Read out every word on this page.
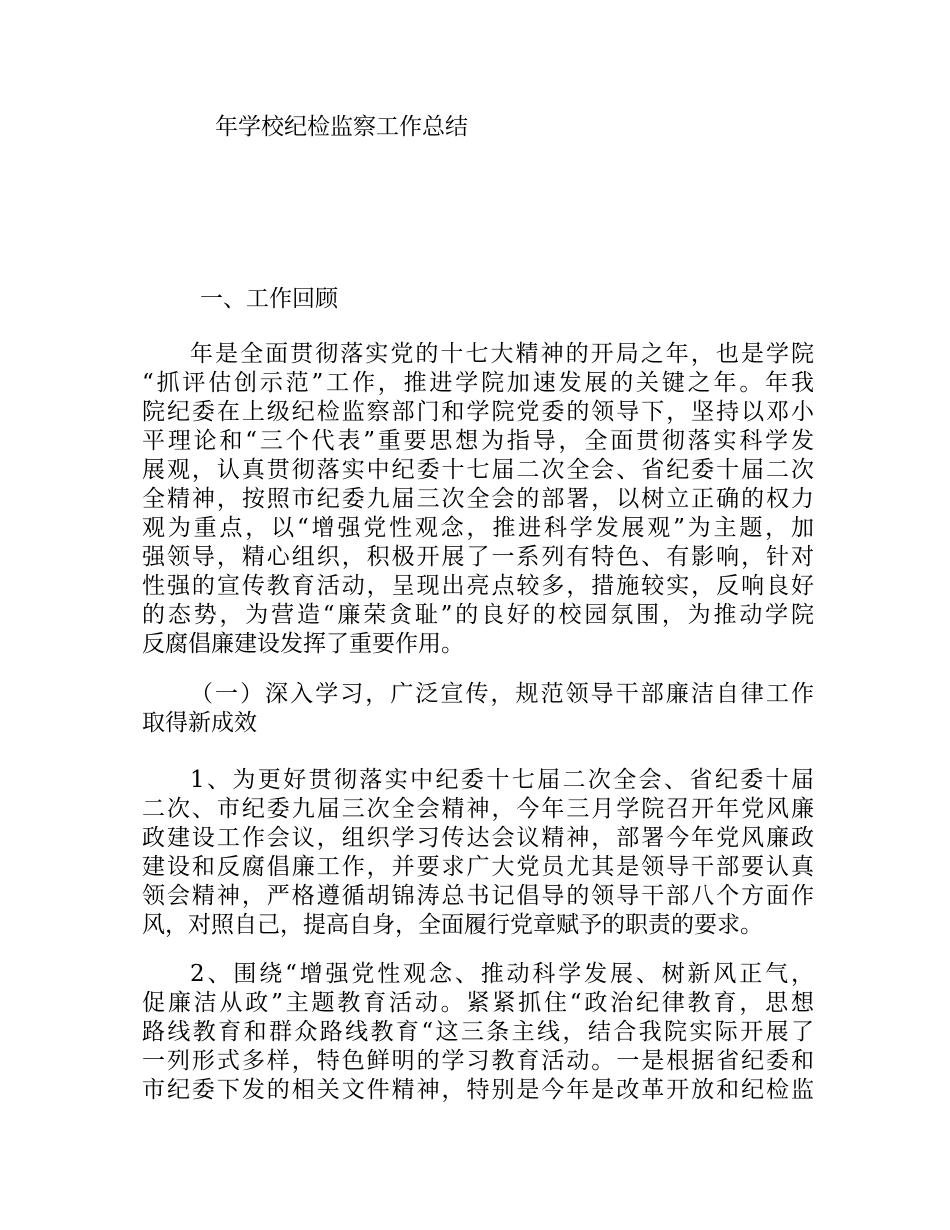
年学校纪检监察工作总结
一、工作回顾

年是全面贯彻落实党的十七大精神的开局之年，也是学院
“抓评估创示范”工作，推进学院加速发展的关键之年。年我
院纪委在上级纪检监察部门和学院党委的领导下，坚持以邓小
平理论和“三个代表”重要思想为指导，全面贯彻落实科学发
展观，认真贯彻落实中纪委十七届二次全会、省纪委十届二次
全精神，按照市纪委九届三次全会的部署，以树立正确的权力
观为重点，以“增强党性观念，推进科学发展观”为主题，加
强领导，精心组织，积极开展了一系列有特色、有影响，针对
性强的宣传教育活动，呈现出亮点较多，措施较实，反响良好
的态势，为营造“廉荣贪耻”的良好的校园氛围，为推动学院
反腐倡廉建设发挥了重要作用。

（一）深入学习，广泛宣传，规范领导干部廉洁自律工作
取得新成效

1、为更好贯彻落实中纪委十七届二次全会、省纪委十届
二次、市纪委九届三次全会精神，今年三月学院召开年党风廉
政建设工作会议，组织学习传达会议精神，部署今年党风廉政
建设和反腐倡廉工作，并要求广大党员尤其是领导干部要认真
领会精神，严格遵循胡锦涛总书记倡导的领导干部八个方面作
风，对照自己，提高自身，全面履行党章赋予的职责的要求。

2、围绕“增强党性观念、推动科学发展、树新风正气，
促廉洁从政”主题教育活动。紧紧抓住“政治纪律教育，思想
路线教育和群众路线教育“这三条主线，结合我院实际开展了
一列形式多样，特色鲜明的学习教育活动。一是根据省纪委和
市纪委下发的相关文件精神，特别是今年是改革开放和纪检监
